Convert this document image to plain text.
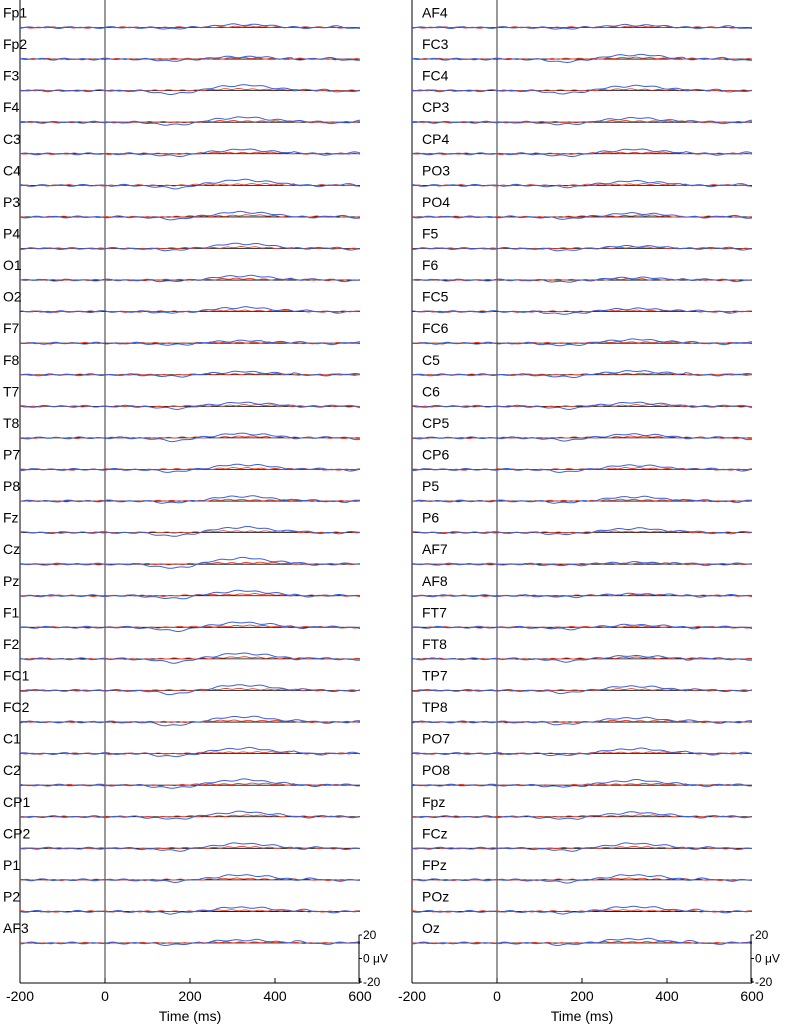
Fp1
Fp2
F3
F4
C3
C4
P3
P4
O1
O2
F7
F8
T7
T8
P7
P8
Fz
Cz
Pz
F1
F2
FC1
FC2
C1
C2
CP1
CP2
P1
P2
AF3
-200	0	200	400	600
Time (ms)
20
0 μV
-20
AF4
FC3
FC4
CP3
CP4
PO3
PO4
F5
F6
FC5
FC6
C5
C6
CP5
CP6
P5
P6
AF7
AF8
FT7
FT8
TP7
TP8
PO7
PO8
Fpz
FCz
FPz
POz
Oz
-200	0	200	400	600
Time (ms)
20
0 μV
-20
